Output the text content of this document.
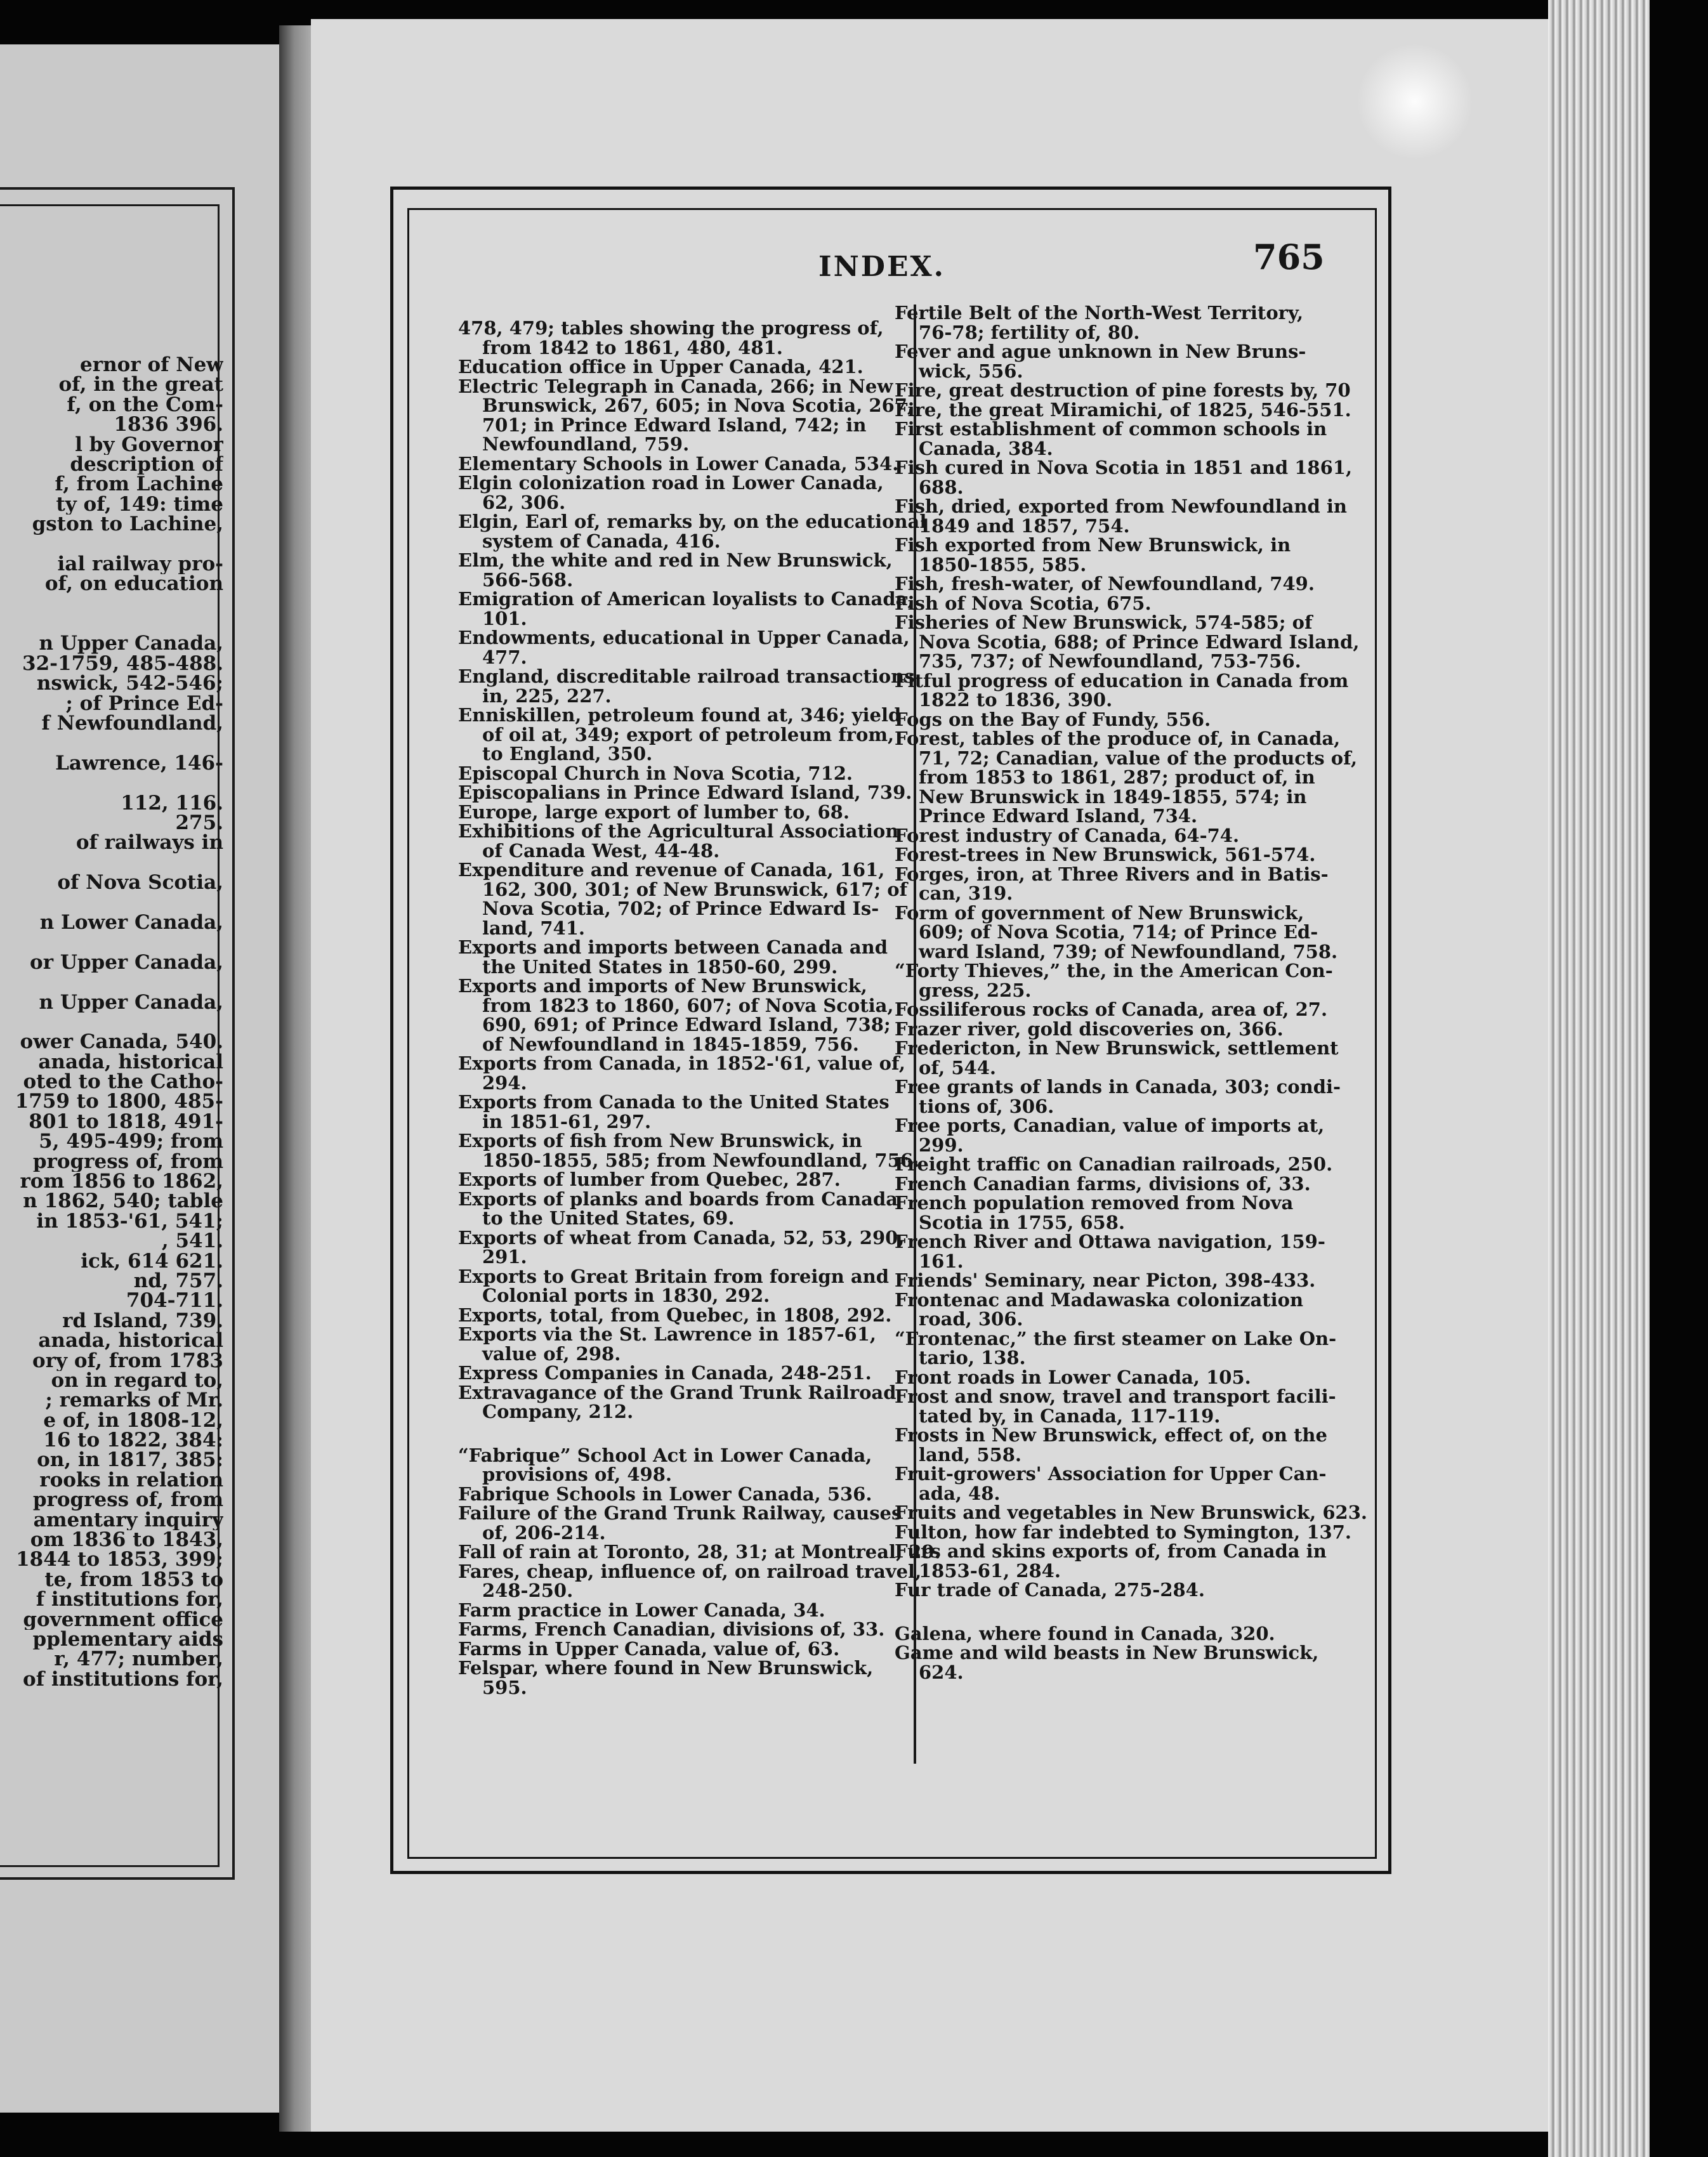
ernor of New
of, in the great
f, on the Com-
1836 396.
l by Governor
description of
f, from Lachine
ty of, 149: time
gston to Lachine,
ial railway pro-
of, on education
n Upper Canada,
32-1759, 485-488.
nswick, 542-546;
; of Prince Ed-
f Newfoundland,
Lawrence, 146-
112, 116.
275.
of railways in
of Nova Scotia,
n Lower Canada,
or Upper Canada,
n Upper Canada,
ower Canada, 540.
anada, historical
oted to the Catho-
1759 to 1800, 485-
801 to 1818, 491-
5, 495-499; from
progress of, from
rom 1856 to 1862,
n 1862, 540; table
in 1853-'61, 541;
, 541.
ick, 614 621.
nd, 757.
704-711.
rd Island, 739.
anada, historical
ory of, from 1783
on in regard to,
; remarks of Mr.
e of, in 1808-12,
16 to 1822, 384:
on, in 1817, 385:
rooks in relation
progress of, from
amentary inquiry
om 1836 to 1843,
1844 to 1853, 399;
te, from 1853 to
f institutions for,
government office
pplementary aids
r, 477; number,
of institutions for,
INDEX.	765

478, 479; tables showing the progress of,
from 1842 to 1861, 480, 481.

Education office in Upper Canada, 421.

Electric Telegraph in Canada, 266; in New
Brunswick, 267, 605; in Nova Scotia, 267,
701; in Prince Edward Island, 742; in
Newfoundland, 759.

Elementary Schools in Lower Canada, 534.

Elgin colonization road in Lower Canada,
62, 306.

Elgin, Earl of, remarks by, on the educational
system of Canada, 416.

Elm, the white and red in New Brunswick,
566-568.

Emigration of American loyalists to Canada,
101.

Endowments, educational in Upper Canada,
477.

England, discreditable railroad transactions
in, 225, 227.

Enniskillen, petroleum found at, 346; yield
of oil at, 349; export of petroleum from,
to England, 350.

Episcopal Church in Nova Scotia, 712.

Episcopalians in Prince Edward Island, 739.

Europe, large export of lumber to, 68.

Exhibitions of the Agricultural Association
of Canada West, 44-48.

Expenditure and revenue of Canada, 161,
162, 300, 301; of New Brunswick, 617; of
Nova Scotia, 702; of Prince Edward Is-
land, 741.

Exports and imports between Canada and
the United States in 1850-60, 299.

Exports and imports of New Brunswick,
from 1823 to 1860, 607; of Nova Scotia,
690, 691; of Prince Edward Island, 738;
of Newfoundland in 1845-1859, 756.

Exports from Canada, in 1852-'61, value of,
294.

Exports from Canada to the United States
in 1851-61, 297.

Exports of fish from New Brunswick, in
1850-1855, 585; from Newfoundland, 756.

Exports of lumber from Quebec, 287.

Exports of planks and boards from Canada
to the United States, 69.

Exports of wheat from Canada, 52, 53, 290,
291.

Exports to Great Britain from foreign and
Colonial ports in 1830, 292.

Exports, total, from Quebec, in 1808, 292.

Exports via the St. Lawrence in 1857-61,
value of, 298.

Express Companies in Canada, 248-251.

Extravagance of the Grand Trunk Railroad
Company, 212.

“Fabrique” School Act in Lower Canada,
provisions of, 498.

Fabrique Schools in Lower Canada, 536.

Failure of the Grand Trunk Railway, causes
of, 206-214.

Fall of rain at Toronto, 28, 31; at Montreal, 29.

Fares, cheap, influence of, on railroad travel,
248-250.

Farm practice in Lower Canada, 34.

Farms, French Canadian, divisions of, 33.

Farms in Upper Canada, value of, 63.

Felspar, where found in New Brunswick,
595.

Fertile Belt of the North-West Territory,
76-78; fertility of, 80.

Fever and ague unknown in New Bruns-
wick, 556.

Fire, great destruction of pine forests by, 70

Fire, the great Miramichi, of 1825, 546-551.

First establishment of common schools in
Canada, 384.

Fish cured in Nova Scotia in 1851 and 1861,
688.

Fish, dried, exported from Newfoundland in
1849 and 1857, 754.

Fish exported from New Brunswick, in
1850-1855, 585.

Fish, fresh-water, of Newfoundland, 749.

Fish of Nova Scotia, 675.

Fisheries of New Brunswick, 574-585; of
Nova Scotia, 688; of Prince Edward Island,
735, 737; of Newfoundland, 753-756.

Fitful progress of education in Canada from
1822 to 1836, 390.

Fogs on the Bay of Fundy, 556.

Forest, tables of the produce of, in Canada,
71, 72; Canadian, value of the products of,
from 1853 to 1861, 287; product of, in
New Brunswick in 1849-1855, 574; in
Prince Edward Island, 734.

Forest industry of Canada, 64-74.

Forest-trees in New Brunswick, 561-574.

Forges, iron, at Three Rivers and in Batis-
can, 319.

Form of government of New Brunswick,
609; of Nova Scotia, 714; of Prince Ed-
ward Island, 739; of Newfoundland, 758.

“Forty Thieves,” the, in the American Con-
gress, 225.

Fossiliferous rocks of Canada, area of, 27.

Frazer river, gold discoveries on, 366.

Fredericton, in New Brunswick, settlement
of, 544.

Free grants of lands in Canada, 303; condi-
tions of, 306.

Free ports, Canadian, value of imports at,
299.

Freight traffic on Canadian railroads, 250.

French Canadian farms, divisions of, 33.

French population removed from Nova
Scotia in 1755, 658.

French River and Ottawa navigation, 159-
161.

Friends' Seminary, near Picton, 398-433.

Frontenac and Madawaska colonization
road, 306.

“Frontenac,” the first steamer on Lake On-
tario, 138.

Front roads in Lower Canada, 105.

Frost and snow, travel and transport facili-
tated by, in Canada, 117-119.

Frosts in New Brunswick, effect of, on the
land, 558.

Fruit-growers' Association for Upper Can-
ada, 48.

Fruits and vegetables in New Brunswick, 623.

Fulton, how far indebted to Symington, 137.

Furs and skins exports of, from Canada in
1853-61, 284.

Fur trade of Canada, 275-284.

Galena, where found in Canada, 320.

Game and wild beasts in New Brunswick,
624.
